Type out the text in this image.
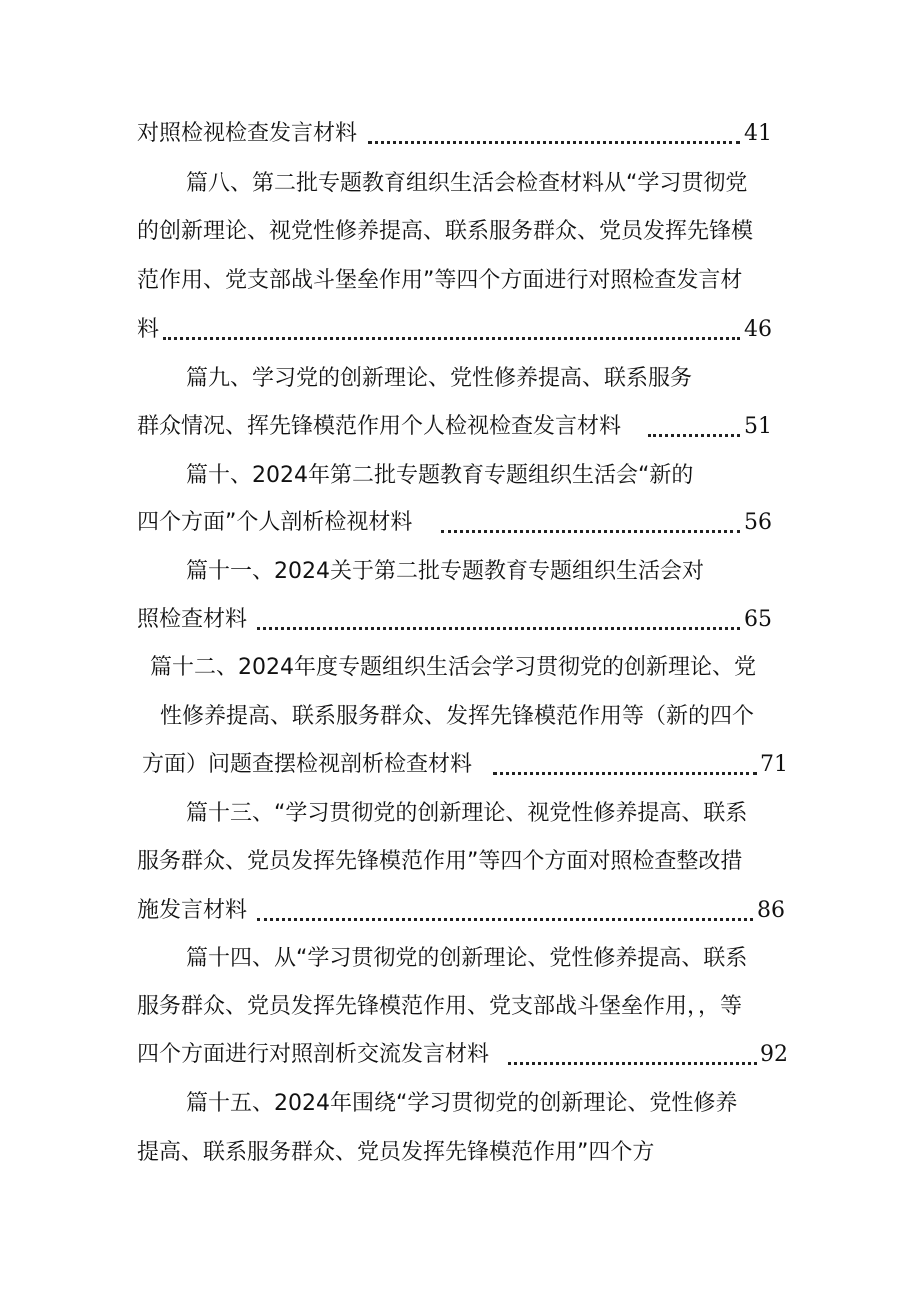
对照检视检查发言材料	41
篇八、第二批专题教育组织生活会检查材料从“学习贯彻党
的创新理论、视党性修养提高、联系服务群众、党员发挥先锋模
范作用、党支部战斗堡垒作用”等四个方面进行对照检查发言材
料	46
篇九、学习党的创新理论、党性修养提高、联系服务
群众情况、挥先锋模范作用个人检视检查发言材料	51
篇十、2024年第二批专题教育专题组织生活会“新的
四个方面”个人剖析检视材料	56
篇十一、2024关于第二批专题教育专题组织生活会对
照检查材料	65
篇十二、2024年度专题组织生活会学习贯彻党的创新理论、党
性修养提高、联系服务群众、发挥先锋模范作用等（新的四个
方面）问题查摆检视剖析检查材料	71
篇十三、“学习贯彻党的创新理论、视党性修养提高、联系
服务群众、党员发挥先锋模范作用”等四个方面对照检查整改措
施发言材料	86
篇十四、从“学习贯彻党的创新理论、党性修养提高、联系
服务群众、党员发挥先锋模范作用、党支部战斗堡垒作用，，等
四个方面进行对照剖析交流发言材料	92
篇十五、2024年围绕“学习贯彻党的创新理论、党性修养
提高、联系服务群众、党员发挥先锋模范作用”四个方
